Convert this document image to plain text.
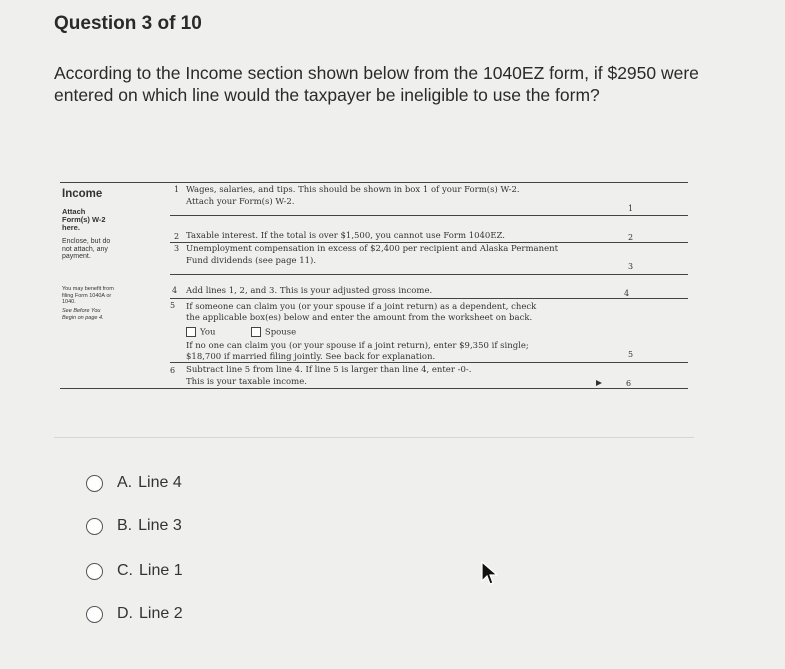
Question 3 of 10
According to the Income section shown below from the 1040EZ form, if $2950 were entered on which line would the taxpayer be ineligible to use the form?
Income
Attach Form(s) W-2 here.
Enclose, but do not attach, any payment.
You may benefit from filing Form 1040A or 1040.
See Before You Begin on page 4.
1 Wages, salaries, and tips. This should be shown in box 1 of your Form(s) W-2.
Attach your Form(s) W-2.
1
2 Taxable interest. If the total is over $1,500, you cannot use Form 1040EZ.	2
3 Unemployment compensation in excess of $2,400 per recipient and Alaska Permanent
Fund dividends (see page 11).
3
4 Add lines 1, 2, and 3. This is your adjusted gross income.	4
5 If someone can claim you (or your spouse if a joint return) as a dependent, check
the applicable box(es) below and enter the amount from the worksheet on back.
You	Spouse
If no one can claim you (or your spouse if a joint return), enter $9,350 if single;
$18,700 if married filing jointly. See back for explanation.	5
6 Subtract line 5 from line 4. If line 5 is larger than line 4, enter -0-.
This is your taxable income.	6
A. Line 4
B. Line 3
C. Line 1
D. Line 2
